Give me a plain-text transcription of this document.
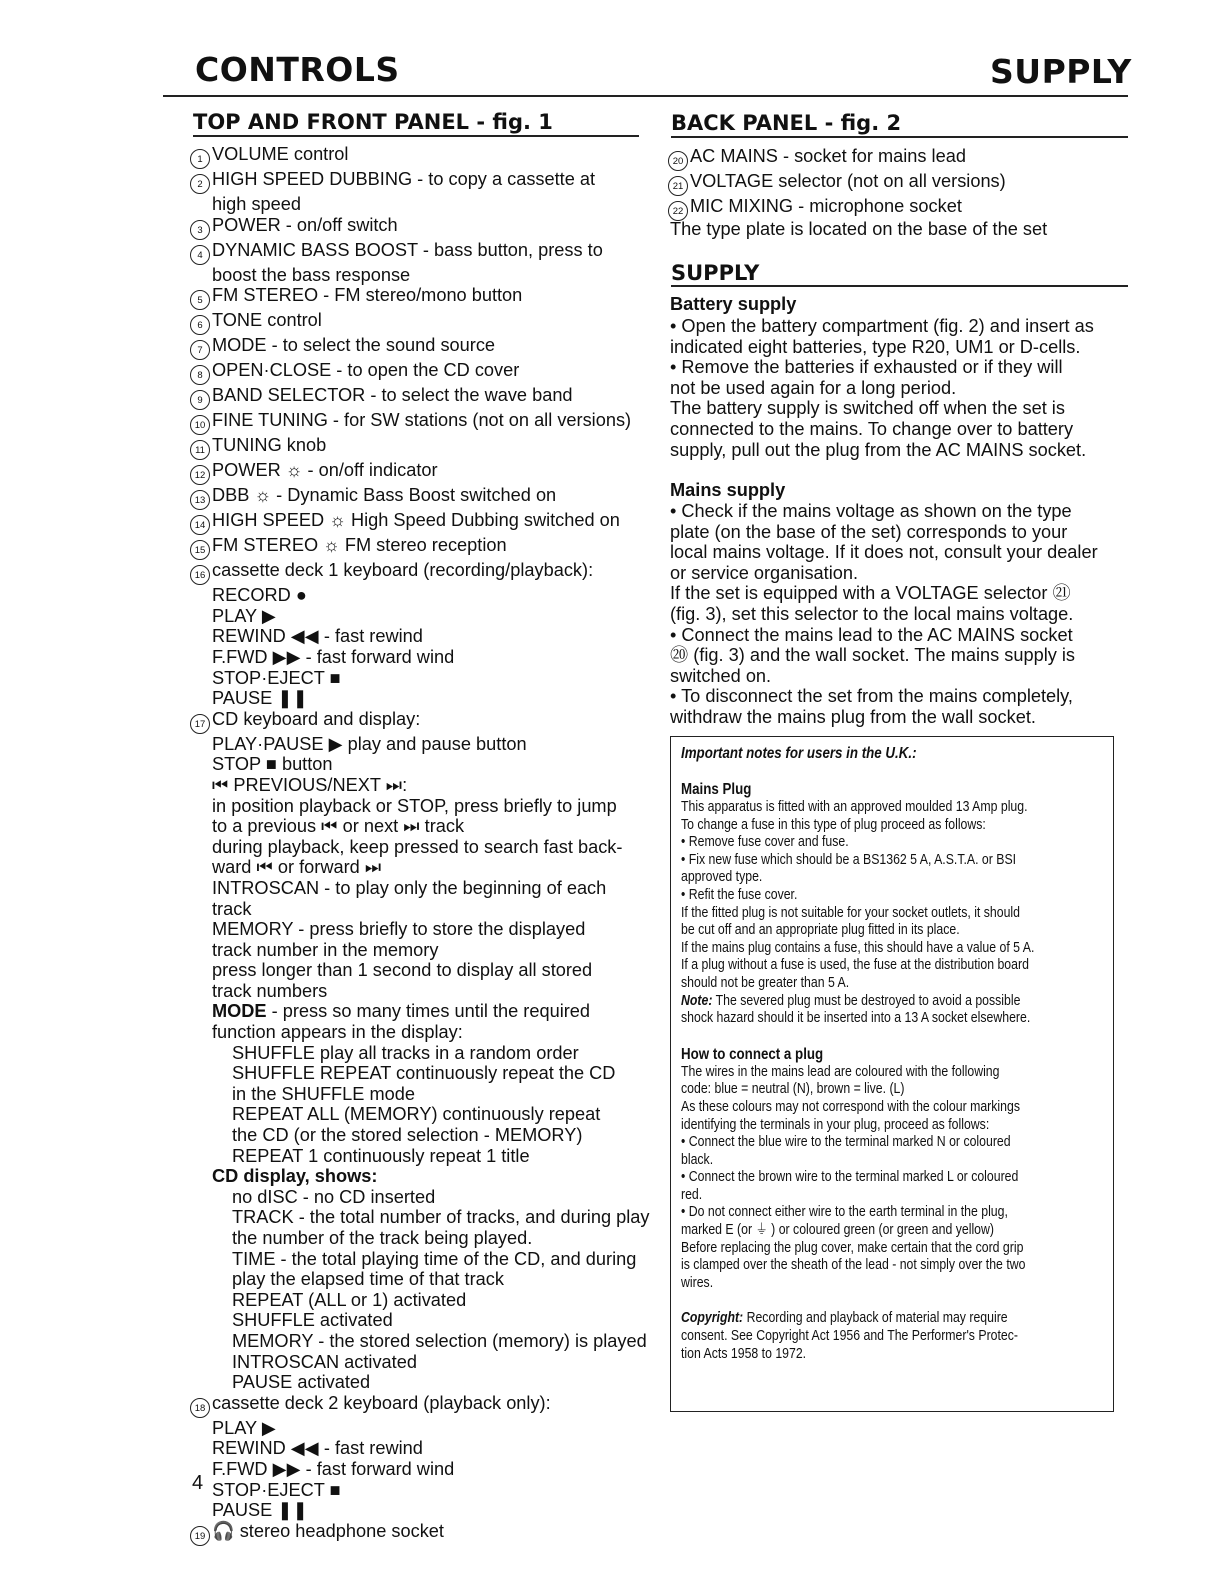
CONTROLS	SUPPLY
TOP AND FRONT PANEL - fig. 1
1 VOLUME control
2 HIGH SPEED DUBBING - to copy a cassette at
high speed
3 POWER - on/off switch
4 DYNAMIC BASS BOOST - bass button, press to
boost the bass response
5 FM STEREO - FM stereo/mono button
6 TONE control
7 MODE - to select the sound source
8 OPEN·CLOSE - to open the CD cover
9 BAND SELECTOR - to select the wave band
10 FINE TUNING - for SW stations (not on all versions)
11 TUNING knob
12 POWER ☼ - on/off indicator
13 DBB ☼ - Dynamic Bass Boost switched on
14 HIGH SPEED ☼ High Speed Dubbing switched on
15 FM STEREO ☼ FM stereo reception
16 cassette deck 1 keyboard (recording/playback):
RECORD ●
PLAY ▶
REWIND ◀◀ - fast rewind
F.FWD ▶▶ - fast forward wind
STOP·EJECT ■
PAUSE ❚❚
17 CD keyboard and display:
PLAY·PAUSE ▶ play and pause button
STOP ■ button
⏮ PREVIOUS/NEXT ⏭:
in position playback or STOP, press briefly to jump
to a previous ⏮ or next ⏭ track
during playback, keep pressed to search fast back-
ward ⏮ or forward ⏭
INTROSCAN - to play only the beginning of each
track
MEMORY - press briefly to store the displayed
track number in the memory
press longer than 1 second to display all stored
track numbers
MODE - press so many times until the required
function appears in the display:
SHUFFLE play all tracks in a random order
SHUFFLE REPEAT continuously repeat the CD
in the SHUFFLE mode
REPEAT ALL (MEMORY) continuously repeat
the CD (or the stored selection - MEMORY)
REPEAT 1 continuously repeat 1 title
CD display, shows:
no dISC - no CD inserted
TRACK - the total number of tracks, and during play
the number of the track being played.
TIME - the total playing time of the CD, and during
play the elapsed time of that track
REPEAT (ALL or 1) activated
SHUFFLE activated
MEMORY - the stored selection (memory) is played
INTROSCAN activated
PAUSE activated
18 cassette deck 2 keyboard (playback only):
PLAY ▶
REWIND ◀◀ - fast rewind
F.FWD ▶▶ - fast forward wind
STOP·EJECT ■
PAUSE ❚❚
19 🎧 stereo headphone socket
4
BACK PANEL - fig. 2
20 AC MAINS - socket for mains lead
21 VOLTAGE selector (not on all versions)
22 MIC MIXING - microphone socket
The type plate is located on the base of the set
SUPPLY
Battery supply
• Open the battery compartment (fig. 2) and insert as
indicated eight batteries, type R20, UM1 or D-cells.
• Remove the batteries if exhausted or if they will
not be used again for a long period.
The battery supply is switched off when the set is
connected to the mains. To change over to battery
supply, pull out the plug from the AC MAINS socket.
Mains supply
• Check if the mains voltage as shown on the type
plate (on the base of the set) corresponds to your
local mains voltage. If it does not, consult your dealer
or service organisation.
If the set is equipped with a VOLTAGE selector ㉑
(fig. 3), set this selector to the local mains voltage.
• Connect the mains lead to the AC MAINS socket
⑳ (fig. 3) and the wall socket. The mains supply is
switched on.
• To disconnect the set from the mains completely,
withdraw the mains plug from the wall socket.
Important notes for users in the U.K.:
Mains Plug
This apparatus is fitted with an approved moulded 13 Amp plug.
To change a fuse in this type of plug proceed as follows:
• Remove fuse cover and fuse.
• Fix new fuse which should be a BS1362 5 A, A.S.T.A. or BSI
approved type.
• Refit the fuse cover.
If the fitted plug is not suitable for your socket outlets, it should
be cut off and an appropriate plug fitted in its place.
If the mains plug contains a fuse, this should have a value of 5 A.
If a plug without a fuse is used, the fuse at the distribution board
should not be greater than 5 A.
Note: The severed plug must be destroyed to avoid a possible
shock hazard should it be inserted into a 13 A socket elsewhere.
How to connect a plug
The wires in the mains lead are coloured with the following
code: blue = neutral (N), brown = live. (L)
As these colours may not correspond with the colour markings
identifying the terminals in your plug, proceed as follows:
• Connect the blue wire to the terminal marked N or coloured
black.
• Connect the brown wire to the terminal marked L or coloured
red.
• Do not connect either wire to the earth terminal in the plug,
marked E (or ⏚ ) or coloured green (or green and yellow)
Before replacing the plug cover, make certain that the cord grip
is clamped over the sheath of the lead - not simply over the two
wires.
Copyright: Recording and playback of material may require
consent. See Copyright Act 1956 and The Performer's Protec-
tion Acts 1958 to 1972.
